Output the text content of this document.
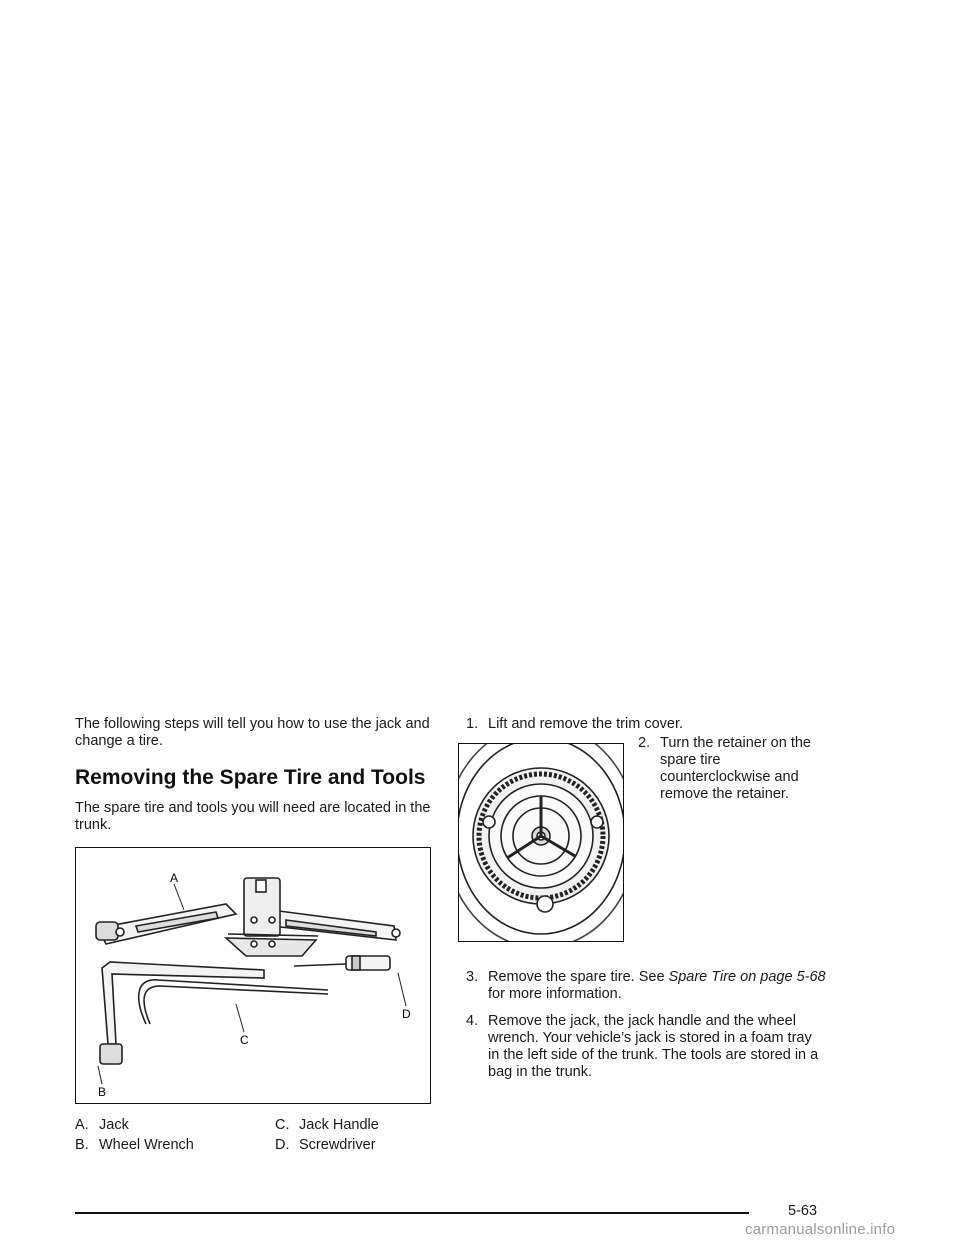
The following steps will tell you how to use the jack and change a tire.

Removing the Spare Tire and Tools

The spare tire and tools you will need are located in the trunk.

A
B
C
D
A. Jack	C. Jack Handle
B. Wheel Wrench	D. Screwdriver
1. Lift and remove the trim cover.
2. Turn the retainer on the spare tire counterclockwise and remove the retainer.
3. Remove the spare tire. See Spare Tire on page 5-68 for more information.
4. Remove the jack, the jack handle and the wheel wrench. Your vehicle’s jack is stored in a foam tray in the left side of the trunk. The tools are stored in a bag in the trunk.
5-63
carmanualsonline.info
